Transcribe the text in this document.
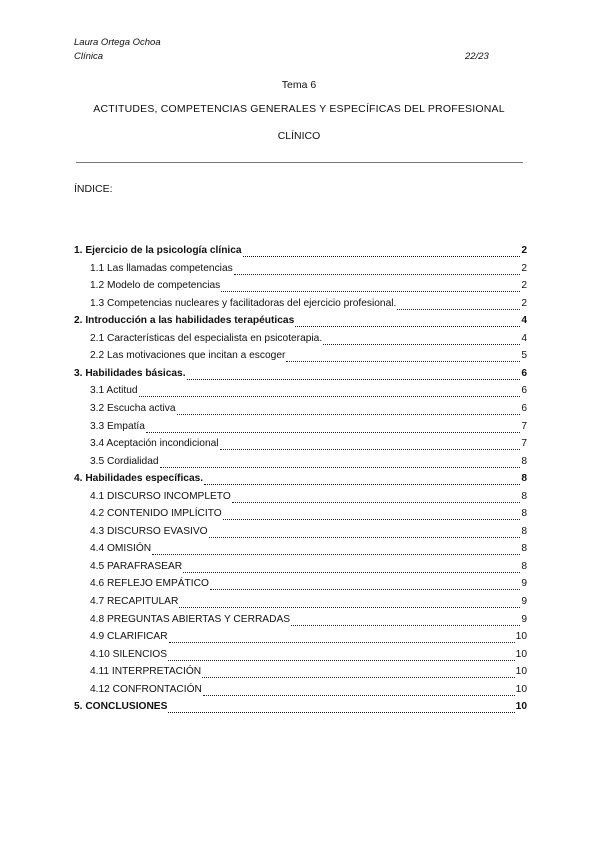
Laura Ortega Ochoa
Clínica	22/23
Tema 6
ACTITUDES, COMPETENCIAS GENERALES Y ESPECÍFICAS DEL PROFESIONAL
CLÍNICO
ÍNDICE:
1. Ejercicio de la psicología clínica	2
1.1 Las llamadas competencias	2
1.2 Modelo de competencias	2
1.3 Competencias nucleares y facilitadoras del ejercicio profesional.	2
2. Introducción a las habilidades terapéuticas	4
2.1 Características del especialista en psicoterapia.	4
2.2 Las motivaciones que incitan a escoger	5
3. Habilidades básicas.	6
3.1 Actitud	6
3.2 Escucha activa	6
3.3 Empatía	7
3.4 Aceptación incondicional	7
3.5 Cordialidad	8
4. Habilidades específicas.	8
4.1 DISCURSO INCOMPLETO	8
4.2 CONTENIDO IMPLÍCITO	8
4.3 DISCURSO EVASIVO	8
4.4 OMISIÓN	8
4.5 PARAFRASEAR	8
4.6 REFLEJO EMPÁTICO	9
4.7 RECAPITULAR	9
4.8 PREGUNTAS ABIERTAS Y CERRADAS	9
4.9 CLARIFICAR	10
4.10 SILENCIOS	10
4.11 INTERPRETACIÓN	10
4.12 CONFRONTACIÓN	10
5. CONCLUSIONES	10
